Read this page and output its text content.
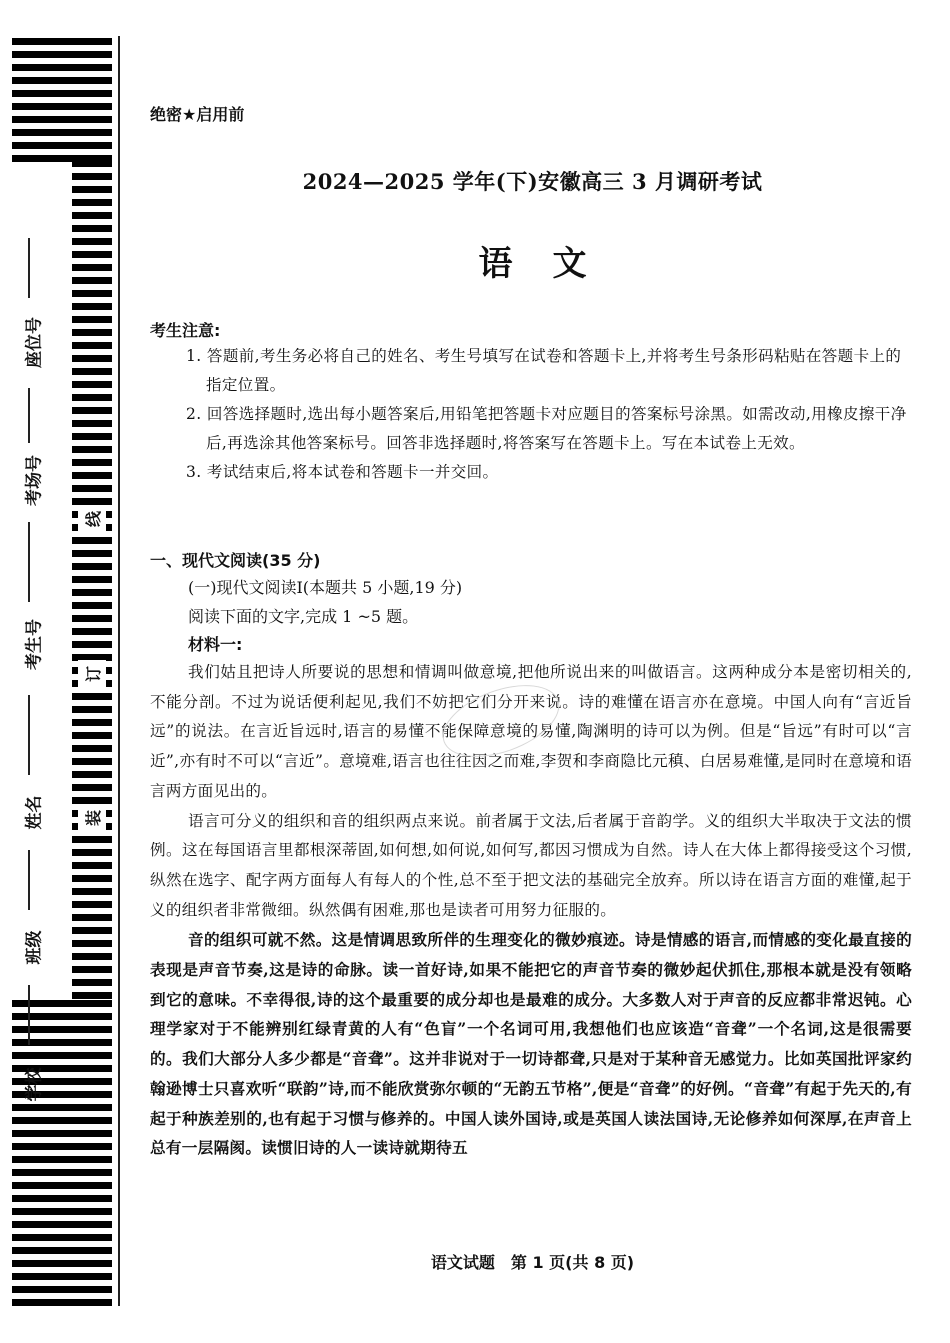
座位号
考场号
考生号
姓名
班级
学校
线
订
装
绝密★启用前
2024—2025 学年(下)安徽高三 3 月调研考试
语文
考生注意:
1. 答题前,考生务必将自己的姓名、考生号填写在试卷和答题卡上,并将考生号条形码粘贴在答题卡上的指定位置。
2. 回答选择题时,选出每小题答案后,用铅笔把答题卡对应题目的答案标号涂黑。如需改动,用橡皮擦干净后,再选涂其他答案标号。回答非选择题时,将答案写在答题卡上。写在本试卷上无效。
3. 考试结束后,将本试卷和答题卡一并交回。
一、现代文阅读(35 分)
(一)现代文阅读Ⅰ(本题共 5 小题,19 分)
阅读下面的文字,完成 1 ~5 题。
材料一:

我们姑且把诗人所要说的思想和情调叫做意境,把他所说出来的叫做语言。这两种成分本是密切相关的,不能分剖。不过为说话便利起见,我们不妨把它们分开来说。诗的难懂在语言亦在意境。中国人向有“言近旨远”的说法。在言近旨远时,语言的易懂不能保障意境的易懂,陶渊明的诗可以为例。但是“旨远”有时可以“言近”,亦有时不可以“言近”。意境难,语言也往往因之而难,李贺和李商隐比元稹、白居易难懂,是同时在意境和语言两方面见出的。

语言可分义的组织和音的组织两点来说。前者属于文法,后者属于音韵学。义的组织大半取决于文法的惯例。这在每国语言里都根深蒂固,如何想,如何说,如何写,都因习惯成为自然。诗人在大体上都得接受这个习惯,纵然在选字、配字两方面每人有每人的个性,总不至于把文法的基础完全放弃。所以诗在语言方面的难懂,起于义的组织者非常微细。纵然偶有困难,那也是读者可用努力征服的。

音的组织可就不然。这是情调思致所伴的生理变化的微妙痕迹。诗是情感的语言,而情感的变化最直接的表现是声音节奏,这是诗的命脉。读一首好诗,如果不能把它的声音节奏的微妙起伏抓住,那根本就是没有领略到它的意味。不幸得很,诗的这个最重要的成分却也是最难的成分。大多数人对于声音的反应都非常迟钝。心理学家对于不能辨别红绿青黄的人有“色盲”一个名词可用,我想他们也应该造“音聋”一个名词,这是很需要的。我们大部分人多少都是“音聋”。这并非说对于一切诗都聋,只是对于某种音无感觉力。比如英国批评家约翰逊博士只喜欢听“联韵”诗,而不能欣赏弥尔顿的“无韵五节格”,便是“音聋”的好例。“音聋”有起于先天的,有起于种族差别的,也有起于习惯与修养的。中国人读外国诗,或是英国人读法国诗,无论修养如何深厚,在声音上总有一层隔阂。读惯旧诗的人一读诗就期待五

语文试题　第 1 页(共 8 页)
